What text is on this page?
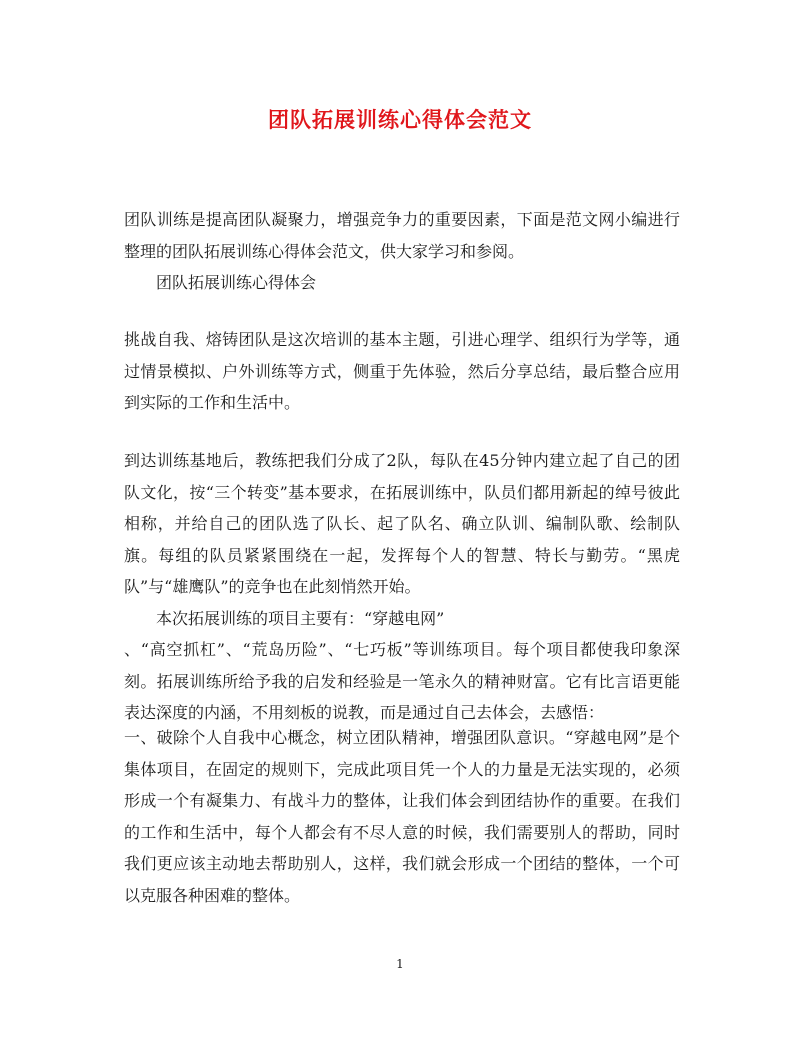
团队拓展训练心得体会范文

团队训练是提高团队凝聚力，增强竞争力的重要因素，下面是范文网小编进行整理的团队拓展训练心得体会范文，供大家学习和参阅。

团队拓展训练心得体会

挑战自我、熔铸团队是这次培训的基本主题，引进心理学、组织行为学等，通过情景模拟、户外训练等方式，侧重于先体验，然后分享总结，最后整合应用到实际的工作和生活中。

到达训练基地后，教练把我们分成了2队，每队在45分钟内建立起了自己的团队文化，按“三个转变”基本要求，在拓展训练中，队员们都用新起的绰号彼此相称，并给自己的团队选了队长、起了队名、确立队训、编制队歌、绘制队旗。每组的队员紧紧围绕在一起，发挥每个人的智慧、特长与勤劳。“黑虎队”与“雄鹰队”的竞争也在此刻悄然开始。

本次拓展训练的项目主要有：“穿越电网”

、“高空抓杠”、“荒岛历险”、“七巧板”等训练项目。每个项目都使我印象深刻。拓展训练所给予我的启发和经验是一笔永久的精神财富。它有比言语更能表达深度的内涵，不用刻板的说教，而是通过自己去体会，去感悟：

一、破除个人自我中心概念，树立团队精神，增强团队意识。“穿越电网”是个集体项目，在固定的规则下，完成此项目凭一个人的力量是无法实现的，必须形成一个有凝集力、有战斗力的整体，让我们体会到团结协作的重要。在我们的工作和生活中，每个人都会有不尽人意的时候，我们需要别人的帮助，同时我们更应该主动地去帮助别人，这样，我们就会形成一个团结的整体，一个可以克服各种困难的整体。

1
